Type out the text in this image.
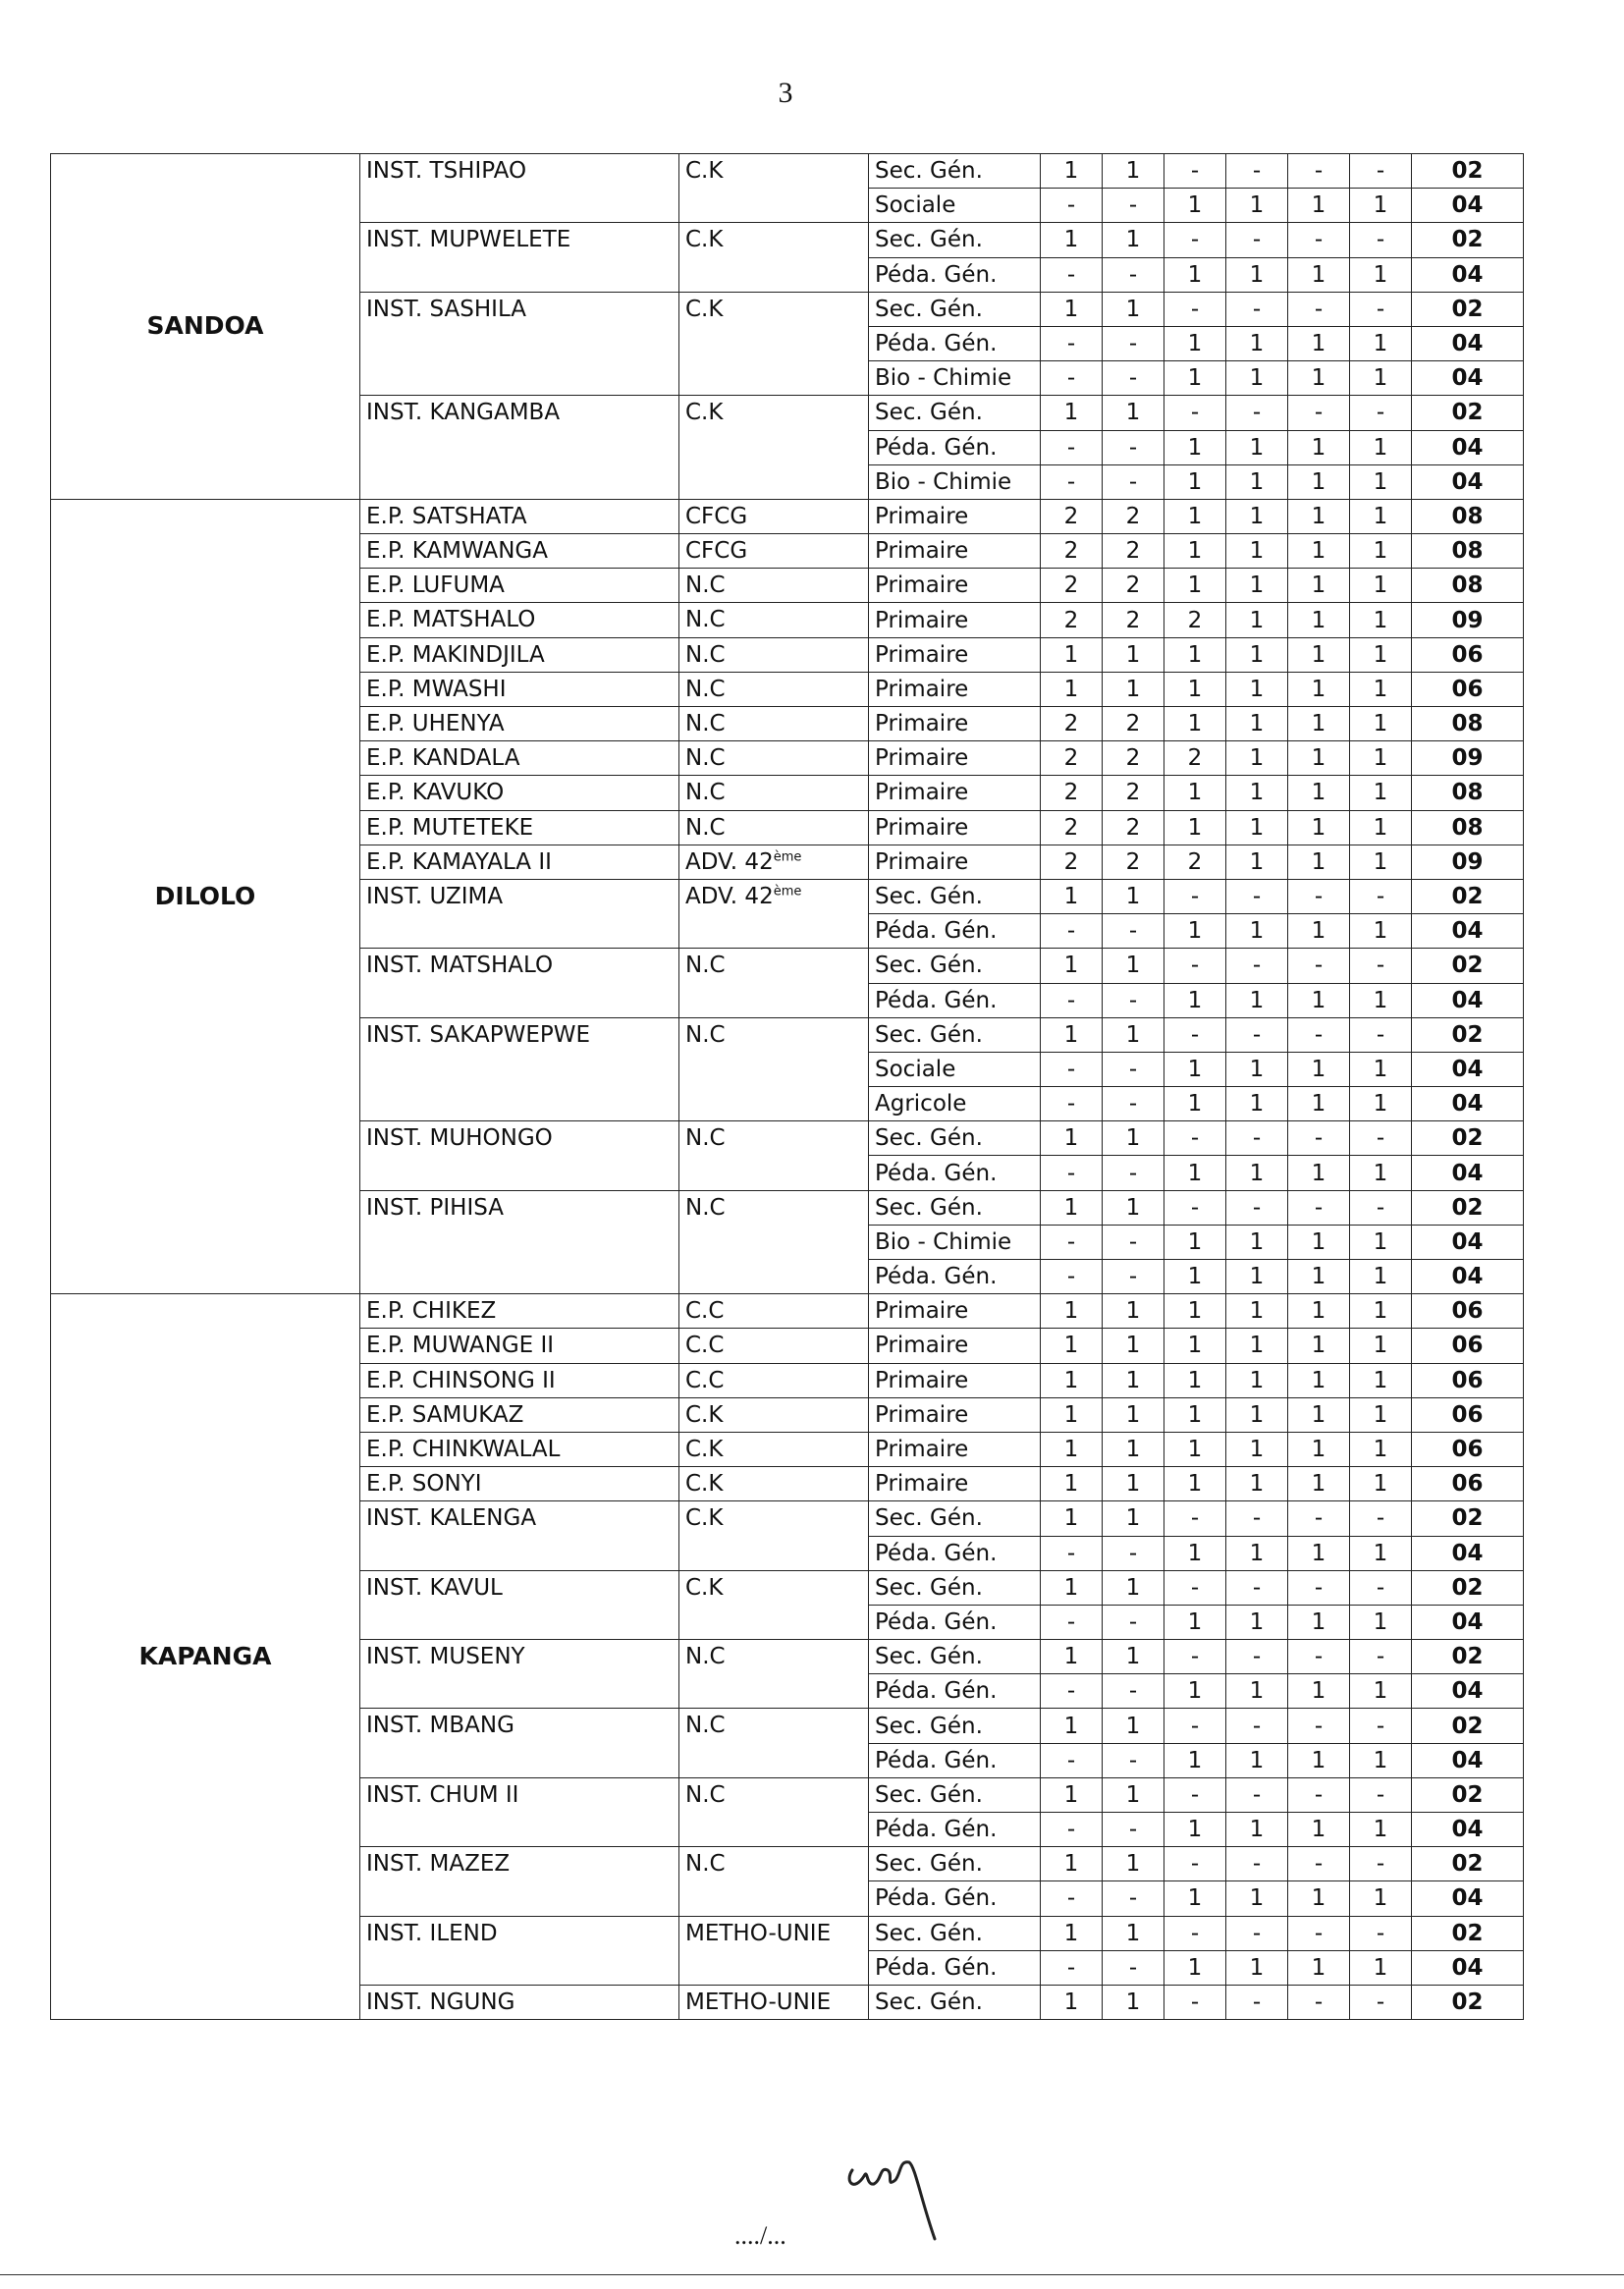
3
SANDOA	INST. TSHIPAO	C.K	Sec. Gén.	1	1	-	-	-	-	02
			Sociale	-	-	1	1	1	1	04
	INST. MUPWELETE	C.K	Sec. Gén.	1	1	-	-	-	-	02
			Péda. Gén.	-	-	1	1	1	1	04
	INST. SASHILA	C.K	Sec. Gén.	1	1	-	-	-	-	02
			Péda. Gén.	-	-	1	1	1	1	04
			Bio - Chimie	-	-	1	1	1	1	04
	INST. KANGAMBA	C.K	Sec. Gén.	1	1	-	-	-	-	02
			Péda. Gén.	-	-	1	1	1	1	04
			Bio - Chimie	-	-	1	1	1	1	04
DILOLO	E.P. SATSHATA	CFCG	Primaire	2	2	1	1	1	1	08
	E.P. KAMWANGA	CFCG	Primaire	2	2	1	1	1	1	08
	E.P. LUFUMA	N.C	Primaire	2	2	1	1	1	1	08
	E.P. MATSHALO	N.C	Primaire	2	2	2	1	1	1	09
	E.P. MAKINDJILA	N.C	Primaire	1	1	1	1	1	1	06
	E.P. MWASHI	N.C	Primaire	1	1	1	1	1	1	06
	E.P. UHENYA	N.C	Primaire	2	2	1	1	1	1	08
	E.P. KANDALA	N.C	Primaire	2	2	2	1	1	1	09
	E.P. KAVUKO	N.C	Primaire	2	2	1	1	1	1	08
	E.P. MUTETEKE	N.C	Primaire	2	2	1	1	1	1	08
	E.P. KAMAYALA II	ADV. 42ème	Primaire	2	2	2	1	1	1	09
	INST. UZIMA	ADV. 42ème	Sec. Gén.	1	1	-	-	-	-	02
			Péda. Gén.	-	-	1	1	1	1	04
	INST. MATSHALO	N.C	Sec. Gén.	1	1	-	-	-	-	02
			Péda. Gén.	-	-	1	1	1	1	04
	INST. SAKAPWEPWE	N.C	Sec. Gén.	1	1	-	-	-	-	02
			Sociale	-	-	1	1	1	1	04
			Agricole	-	-	1	1	1	1	04
	INST. MUHONGO	N.C	Sec. Gén.	1	1	-	-	-	-	02
			Péda. Gén.	-	-	1	1	1	1	04
	INST. PIHISA	N.C	Sec. Gén.	1	1	-	-	-	-	02
			Bio - Chimie	-	-	1	1	1	1	04
			Péda. Gén.	-	-	1	1	1	1	04
KAPANGA	E.P. CHIKEZ	C.C	Primaire	1	1	1	1	1	1	06
	E.P. MUWANGE II	C.C	Primaire	1	1	1	1	1	1	06
	E.P. CHINSONG II	C.C	Primaire	1	1	1	1	1	1	06
	E.P. SAMUKAZ	C.K	Primaire	1	1	1	1	1	1	06
	E.P. CHINKWALAL	C.K	Primaire	1	1	1	1	1	1	06
	E.P. SONYI	C.K	Primaire	1	1	1	1	1	1	06
	INST. KALENGA	C.K	Sec. Gén.	1	1	-	-	-	-	02
			Péda. Gén.	-	-	1	1	1	1	04
	INST. KAVUL	C.K	Sec. Gén.	1	1	-	-	-	-	02
			Péda. Gén.	-	-	1	1	1	1	04
	INST. MUSENY	N.C	Sec. Gén.	1	1	-	-	-	-	02
			Péda. Gén.	-	-	1	1	1	1	04
	INST. MBANG	N.C	Sec. Gén.	1	1	-	-	-	-	02
			Péda. Gén.	-	-	1	1	1	1	04
	INST. CHUM II	N.C	Sec. Gén.	1	1	-	-	-	-	02
			Péda. Gén.	-	-	1	1	1	1	04
	INST. MAZEZ	N.C	Sec. Gén.	1	1	-	-	-	-	02
			Péda. Gén.	-	-	1	1	1	1	04
	INST. ILEND	METHO-UNIE	Sec. Gén.	1	1	-	-	-	-	02
			Péda. Gén.	-	-	1	1	1	1	04
	INST. NGUNG	METHO-UNIE	Sec. Gén.	1	1	-	-	-	-	02
..../...
